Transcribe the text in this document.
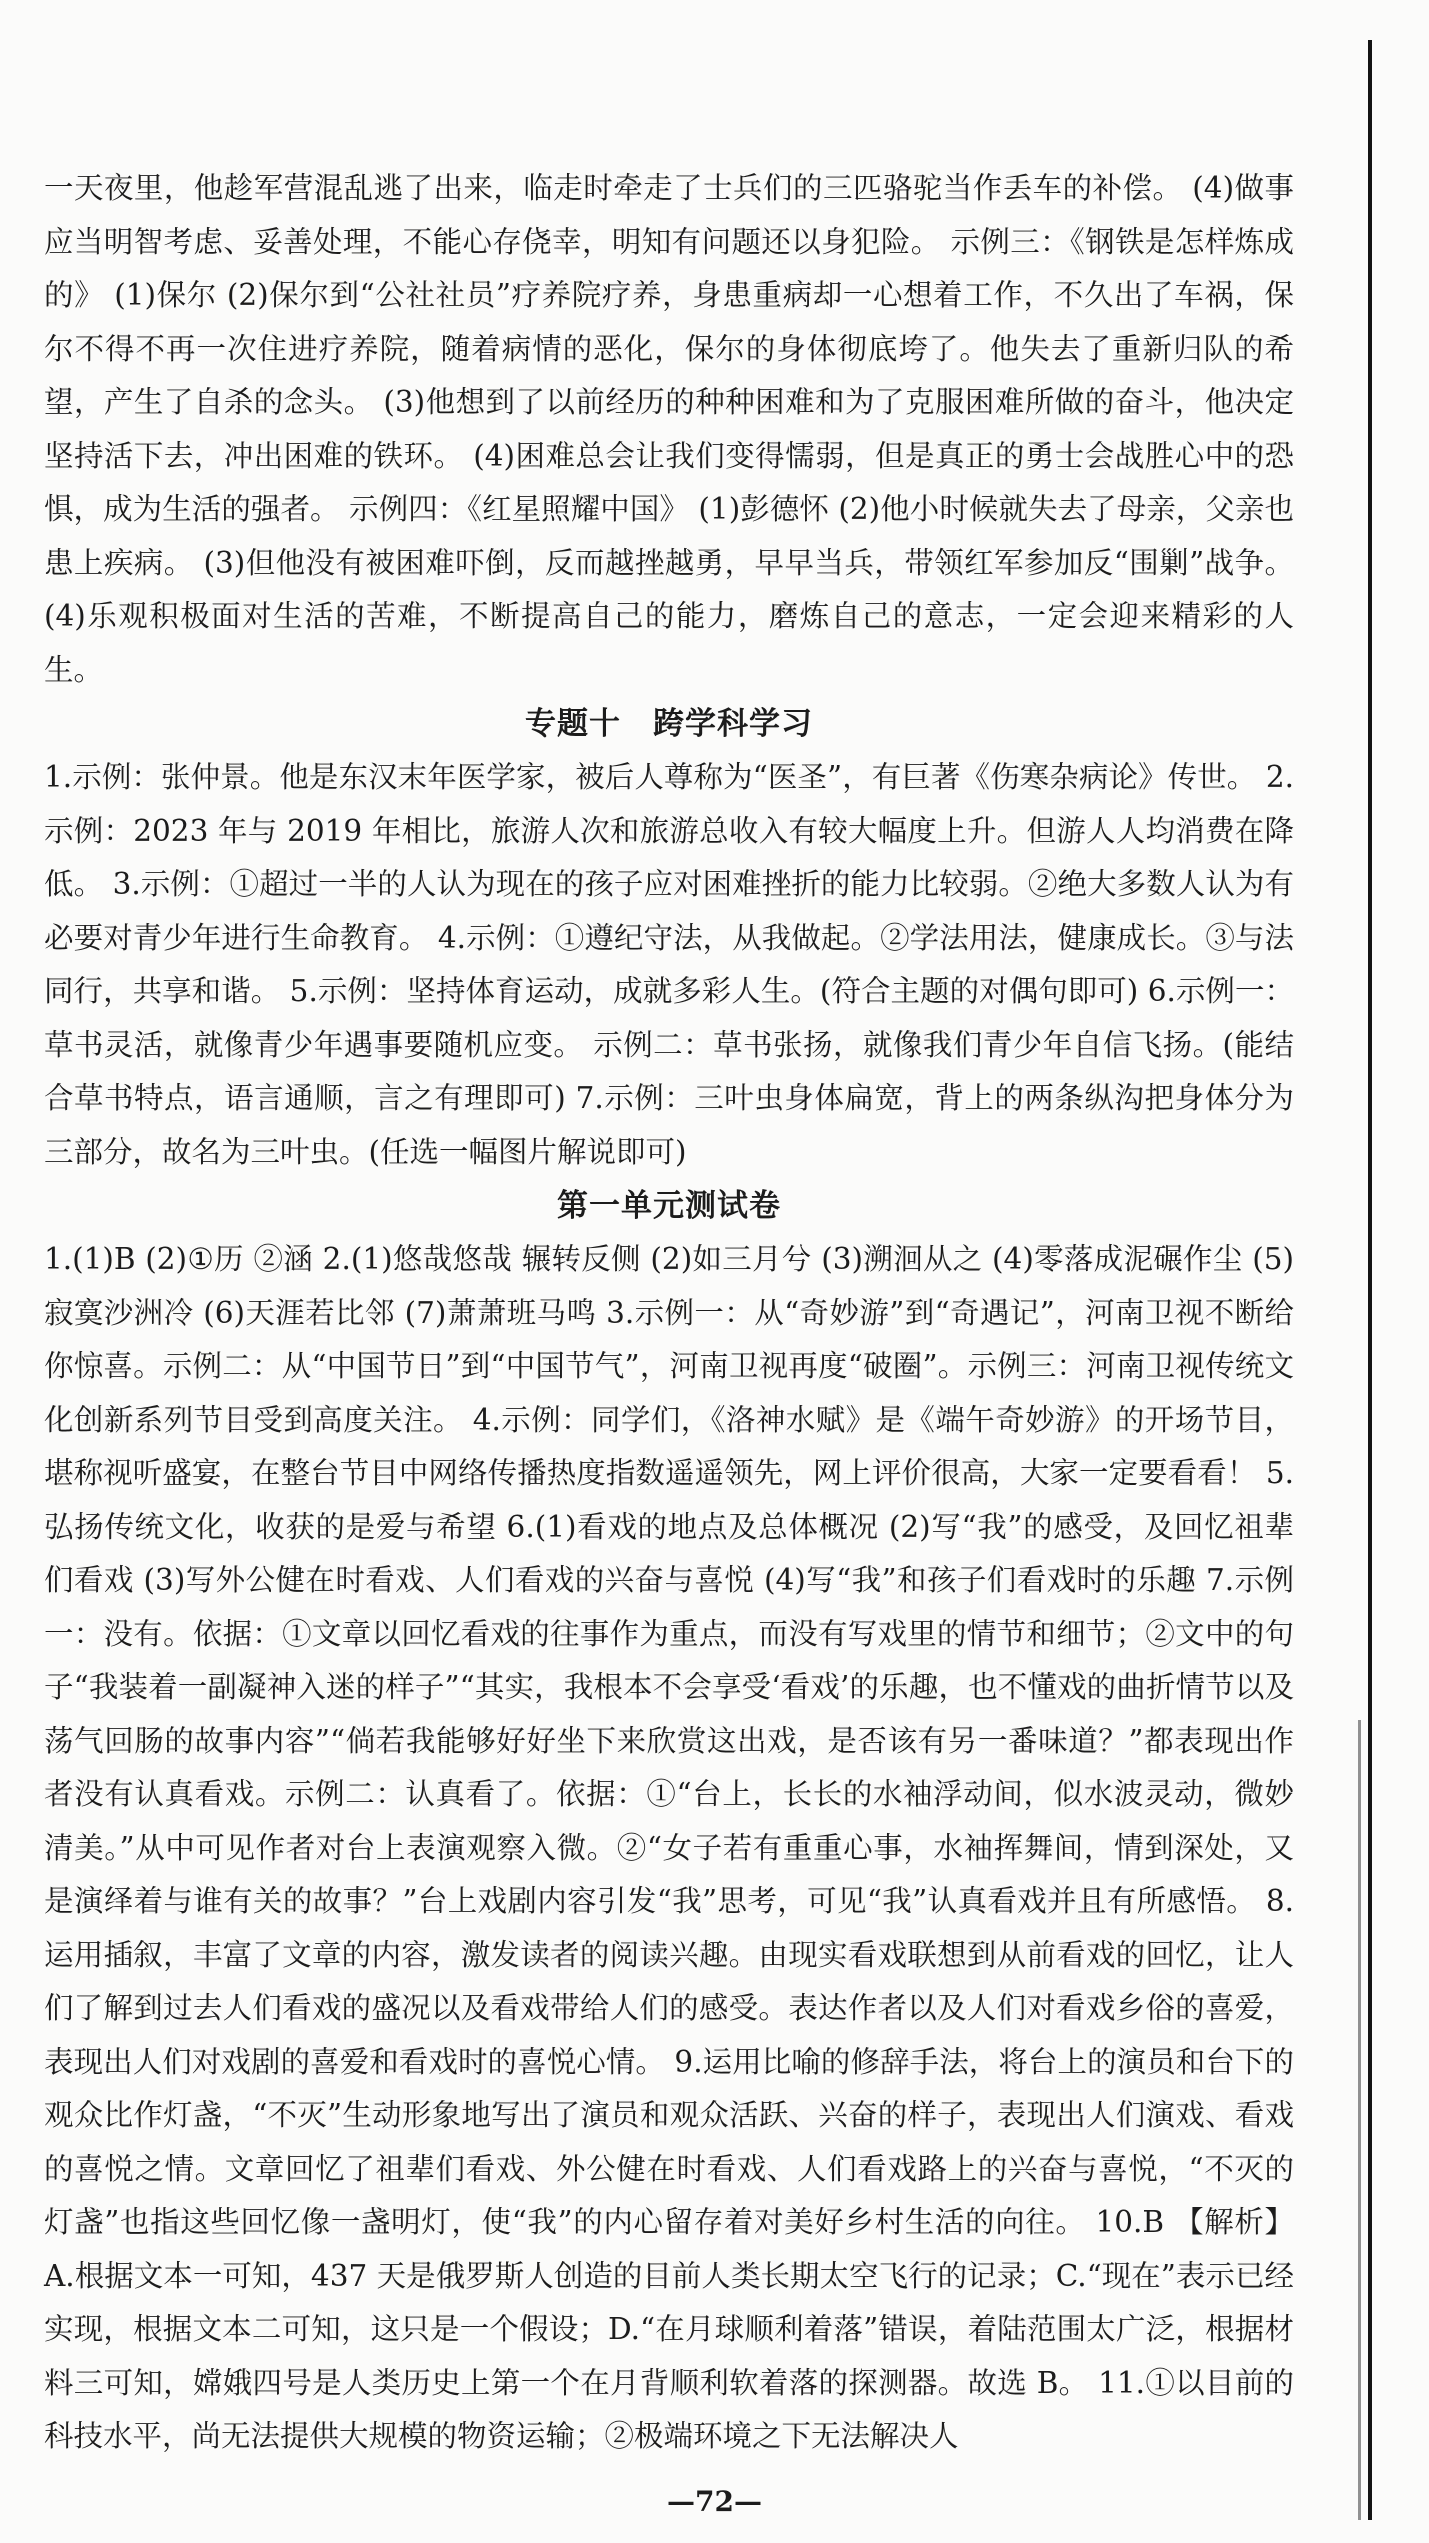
一天夜里，他趁军营混乱逃了出来，临走时牵走了士兵们的三匹骆驼当作丢车的补偿。 (4)做事应当明智考虑、妥善处理，不能心存侥幸，明知有问题还以身犯险。 示例三：《钢铁是怎样炼成的》 (1)保尔 (2)保尔到“公社社员”疗养院疗养，身患重病却一心想着工作，不久出了车祸，保尔不得不再一次住进疗养院，随着病情的恶化，保尔的身体彻底垮了。他失去了重新归队的希望，产生了自杀的念头。 (3)他想到了以前经历的种种困难和为了克服困难所做的奋斗，他决定坚持活下去，冲出困难的铁环。 (4)困难总会让我们变得懦弱，但是真正的勇士会战胜心中的恐惧，成为生活的强者。 示例四：《红星照耀中国》 (1)彭德怀 (2)他小时候就失去了母亲，父亲也患上疾病。 (3)但他没有被困难吓倒，反而越挫越勇，早早当兵，带领红军参加反“围剿”战争。 (4)乐观积极面对生活的苦难，不断提高自己的能力，磨炼自己的意志，一定会迎来精彩的人生。

专题十　跨学科学习

1.示例：张仲景。他是东汉末年医学家，被后人尊称为“医圣”，有巨著《伤寒杂病论》传世。 2.示例：2023 年与 2019 年相比，旅游人次和旅游总收入有较大幅度上升。但游人人均消费在降低。 3.示例：①超过一半的人认为现在的孩子应对困难挫折的能力比较弱。②绝大多数人认为有必要对青少年进行生命教育。 4.示例：①遵纪守法，从我做起。②学法用法，健康成长。③与法同行，共享和谐。 5.示例：坚持体育运动，成就多彩人生。(符合主题的对偶句即可) 6.示例一：草书灵活，就像青少年遇事要随机应变。 示例二：草书张扬，就像我们青少年自信飞扬。(能结合草书特点，语言通顺，言之有理即可) 7.示例：三叶虫身体扁宽，背上的两条纵沟把身体分为三部分，故名为三叶虫。(任选一幅图片解说即可)

第一单元测试卷

1.(1)B (2)①历 ②涵 2.(1)悠哉悠哉 辗转反侧 (2)如三月兮 (3)溯洄从之 (4)零落成泥碾作尘 (5)寂寞沙洲冷 (6)天涯若比邻 (7)萧萧班马鸣 3.示例一：从“奇妙游”到“奇遇记”，河南卫视不断给你惊喜。示例二：从“中国节日”到“中国节气”，河南卫视再度“破圈”。示例三：河南卫视传统文化创新系列节目受到高度关注。 4.示例：同学们，《洛神水赋》是《端午奇妙游》的开场节目，堪称视听盛宴，在整台节目中网络传播热度指数遥遥领先，网上评价很高，大家一定要看看！ 5.弘扬传统文化，收获的是爱与希望 6.(1)看戏的地点及总体概况 (2)写“我”的感受，及回忆祖辈们看戏 (3)写外公健在时看戏、人们看戏的兴奋与喜悦 (4)写“我”和孩子们看戏时的乐趣 7.示例一：没有。依据：①文章以回忆看戏的往事作为重点，而没有写戏里的情节和细节；②文中的句子“我装着一副凝神入迷的样子”“其实，我根本不会享受‘看戏’的乐趣，也不懂戏的曲折情节以及荡气回肠的故事内容”“倘若我能够好好坐下来欣赏这出戏，是否该有另一番味道？”都表现出作者没有认真看戏。示例二：认真看了。依据：①“台上，长长的水袖浮动间，似水波灵动，微妙清美。”从中可见作者对台上表演观察入微。②“女子若有重重心事，水袖挥舞间，情到深处，又是演绎着与谁有关的故事？”台上戏剧内容引发“我”思考，可见“我”认真看戏并且有所感悟。 8.运用插叙，丰富了文章的内容，激发读者的阅读兴趣。由现实看戏联想到从前看戏的回忆，让人们了解到过去人们看戏的盛况以及看戏带给人们的感受。表达作者以及人们对看戏乡俗的喜爱，表现出人们对戏剧的喜爱和看戏时的喜悦心情。 9.运用比喻的修辞手法，将台上的演员和台下的观众比作灯盏，“不灭”生动形象地写出了演员和观众活跃、兴奋的样子，表现出人们演戏、看戏的喜悦之情。文章回忆了祖辈们看戏、外公健在时看戏、人们看戏路上的兴奋与喜悦，“不灭的灯盏”也指这些回忆像一盏明灯，使“我”的内心留存着对美好乡村生活的向往。 10.B 【解析】A.根据文本一可知，437 天是俄罗斯人创造的目前人类长期太空飞行的记录；C.“现在”表示已经实现，根据文本二可知，这只是一个假设；D.“在月球顺利着落”错误，着陆范围太广泛，根据材料三可知，嫦娥四号是人类历史上第一个在月背顺利软着落的探测器。故选 B。 11.①以目前的科技水平，尚无法提供大规模的物资运输；②极端环境之下无法解决人

—72—
